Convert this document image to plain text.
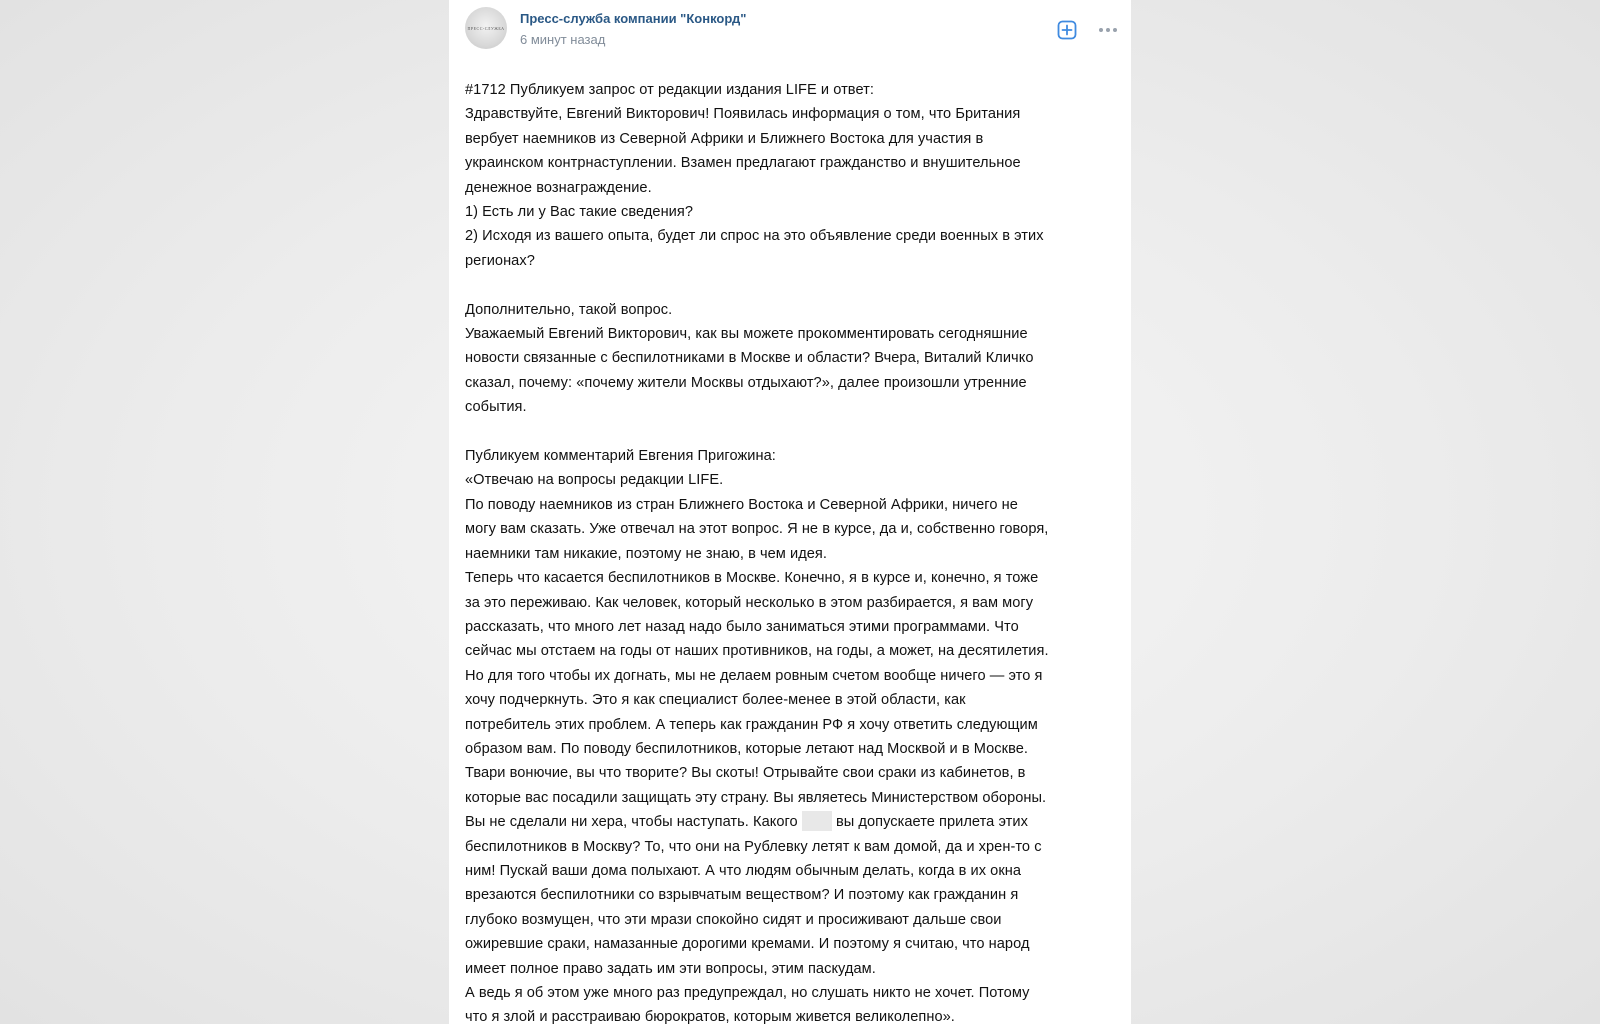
ПРЕСС-СЛУЖБА
Пресс-служба компании "Конкорд"
6 минут назад

#1712 Публикуем запрос от редакции издания LIFE и ответ:

Здравствуйте, Евгений Викторович! Появилась информация о том, что Британия

вербует наемников из Северной Африки и Ближнего Востока для участия в

украинском контрнаступлении. Взамен предлагают гражданство и внушительное

денежное вознаграждение.

1) Есть ли у Вас такие сведения?

2) Исходя из вашего опыта, будет ли спрос на это объявление среди военных в этих

регионах?

Дополнительно, такой вопрос.

Уважаемый Евгений Викторович, как вы можете прокомментировать сегодняшние

новости связанные с беспилотниками в Москве и области? Вчера, Виталий Кличко

сказал, почему: «почему жители Москвы отдыхают?», далее произошли утренние

события.

Публикуем комментарий Евгения Пригожина:

«Отвечаю на вопросы редакции LIFE.

По поводу наемников из стран Ближнего Востока и Северной Африки, ничего не

могу вам сказать. Уже отвечал на этот вопрос. Я не в курсе, да и, собственно говоря,

наемники там никакие, поэтому не знаю, в чем идея.

Теперь что касается беспилотников в Москве. Конечно, я в курсе и, конечно, я тоже

за это переживаю. Как человек, который несколько в этом разбирается, я вам могу

рассказать, что много лет назад надо было заниматься этими программами. Что

сейчас мы отстаем на годы от наших противников, на годы, а может, на десятилетия.

Но для того чтобы их догнать, мы не делаем ровным счетом вообще ничего — это я

хочу подчеркнуть. Это я как специалист более-менее в этой области, как

потребитель этих проблем. А теперь как гражданин РФ я хочу ответить следующим

образом вам. По поводу беспилотников, которые летают над Москвой и в Москве.

Твари вонючие, вы что творите? Вы скоты! Отрывайте свои сраки из кабинетов, в

которые вас посадили защищать эту страну. Вы являетесь Министерством обороны.

Вы не сделали ни хера, чтобы наступать. Какого	вы допускаете прилета этих

беспилотников в Москву? То, что они на Рублевку летят к вам домой, да и хрен-то с

ним! Пускай ваши дома полыхают. А что людям обычным делать, когда в их окна

врезаются беспилотники со взрывчатым веществом? И поэтому как гражданин я

глубоко возмущен, что эти мрази спокойно сидят и просиживают дальше свои

ожиревшие сраки, намазанные дорогими кремами. И поэтому я считаю, что народ

имеет полное право задать им эти вопросы, этим паскудам.

А ведь я об этом уже много раз предупреждал, но слушать никто не хочет. Потому

что я злой и расстраиваю бюрократов, которым живется великолепно».
